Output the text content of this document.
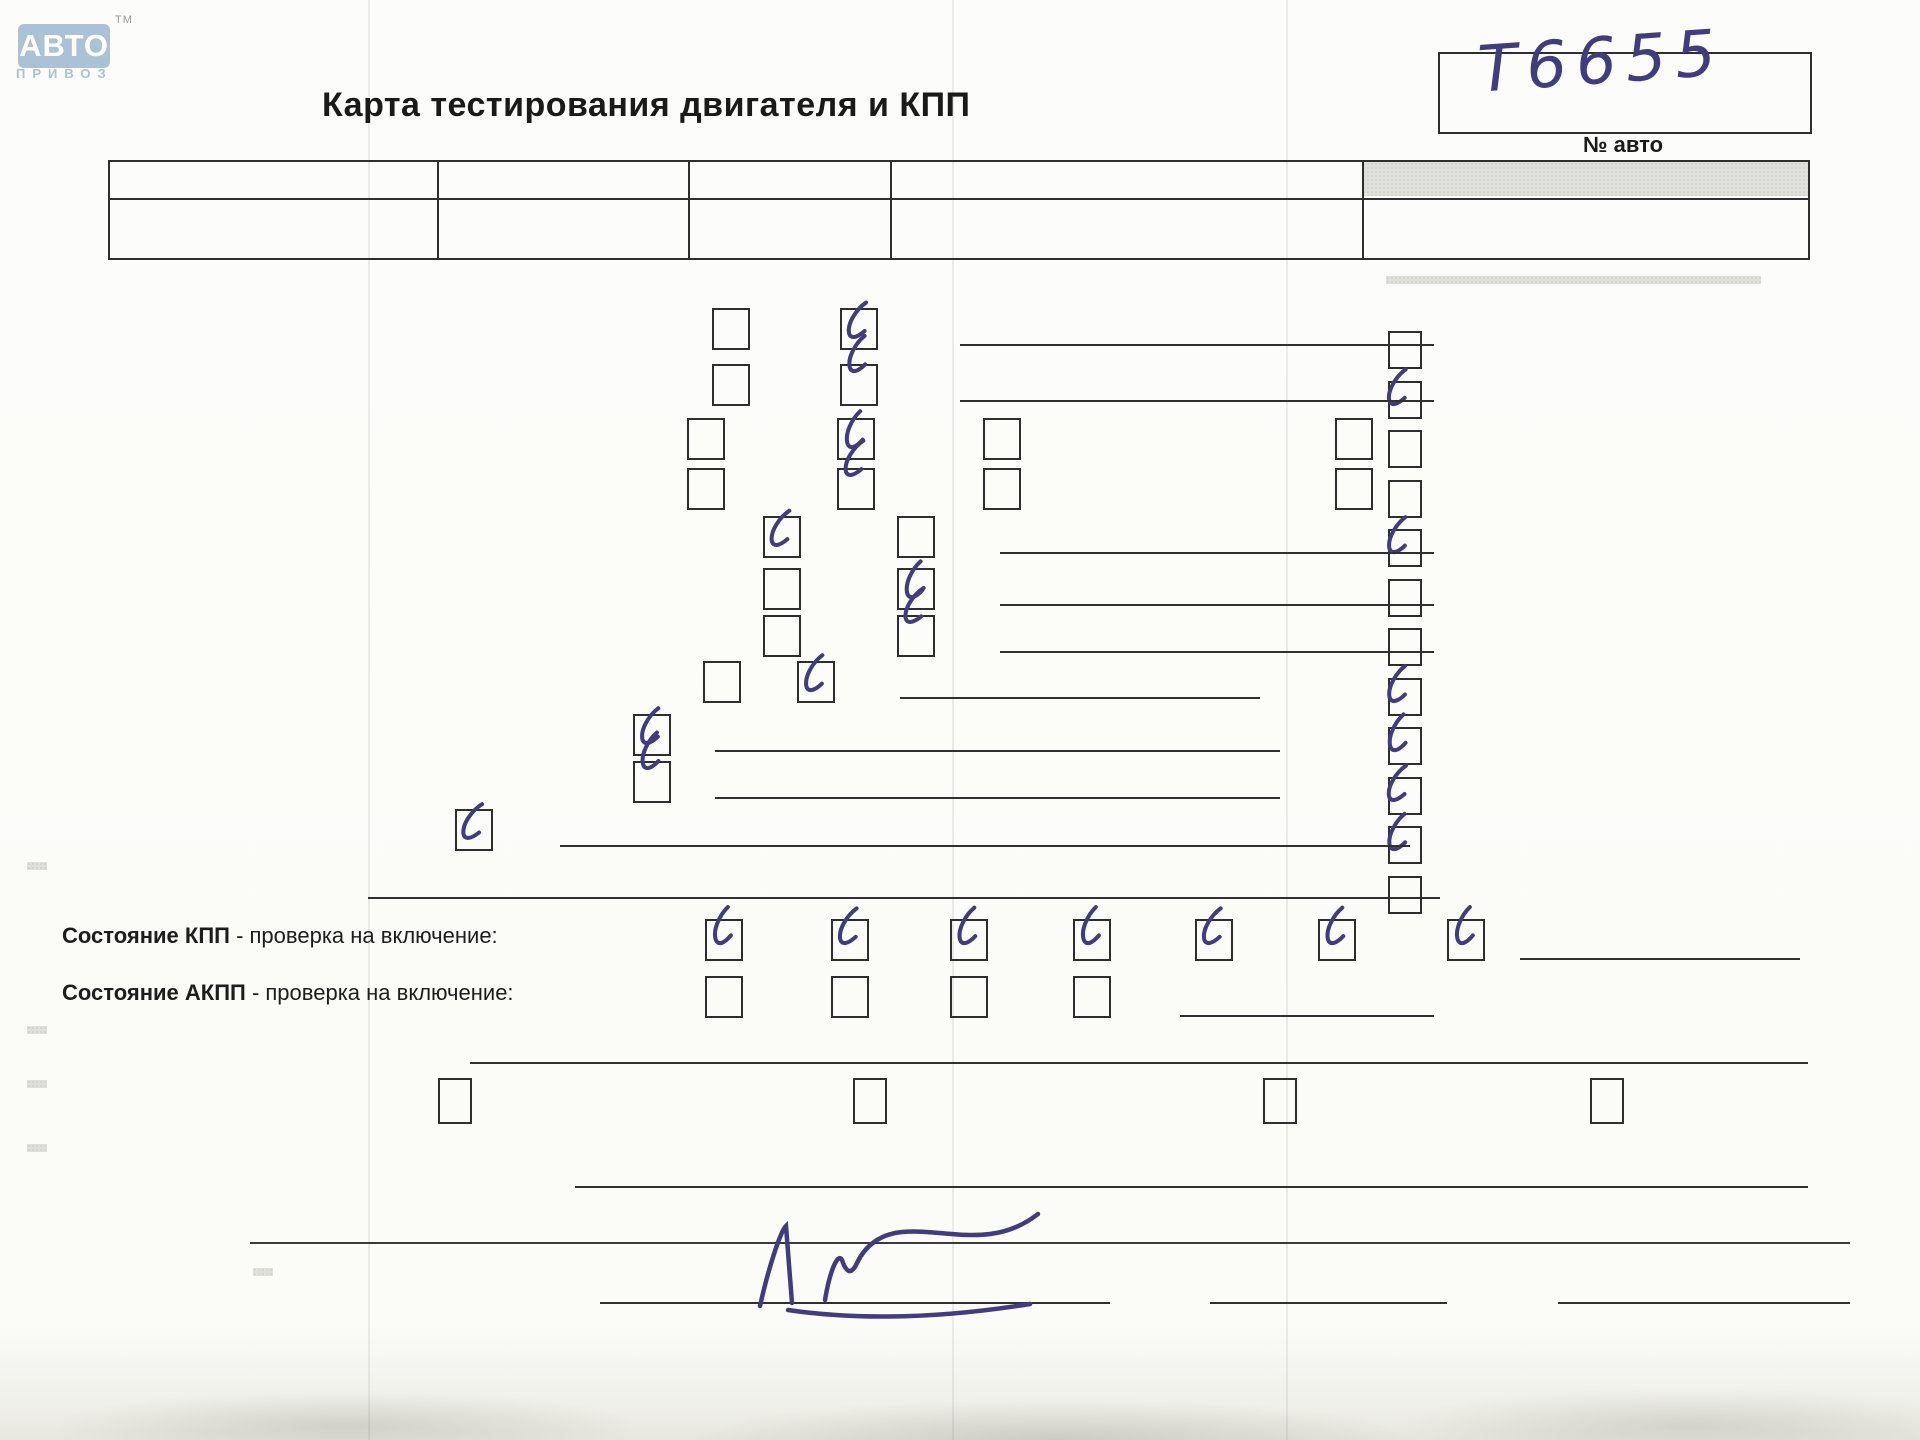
АВТО
ТМ
ПРИВОЗ
Карта тестирования двигателя и КПП	Т6655
№ авто
Состояние КПП - проверка на включение:
Состояние АКПП - проверка на включение:
